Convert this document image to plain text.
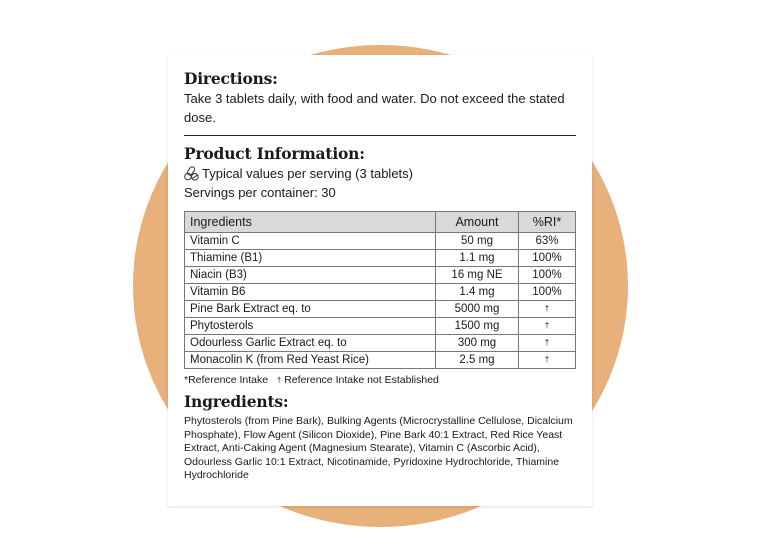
Directions:

Take 3 tablets daily, with food and water. Do not exceed the stated dose.

Product Information:
Typical values per serving (3 tablets)

Servings per container: 30

Ingredients	Amount	%RI*
Vitamin C	50 mg	63%
Thiamine (B1)	1.1 mg	100%
Niacin (B3)	16 mg NE	100%
Vitamin B6	1.4 mg	100%
Pine Bark Extract eq. to	5000 mg	†
Phytosterols	1500 mg	†
Odourless Garlic Extract eq. to	300 mg	†
Monacolin K (from Red Yeast Rice)	2.5 mg	†

*Reference Intake † Reference Intake not Established

Ingredients:

Phytosterols (from Pine Bark), Bulking Agents (Microcrystalline Cellulose, Dicalcium Phosphate), Flow Agent (Silicon Dioxide), Pine Bark 40:1 Extract, Red Rice Yeast Extract, Anti-Caking Agent (Magnesium Stearate), Vitamin C (Ascorbic Acid), Odourless Garlic 10:1 Extract, Nicotinamide, Pyridoxine Hydrochloride, Thiamine Hydrochloride
